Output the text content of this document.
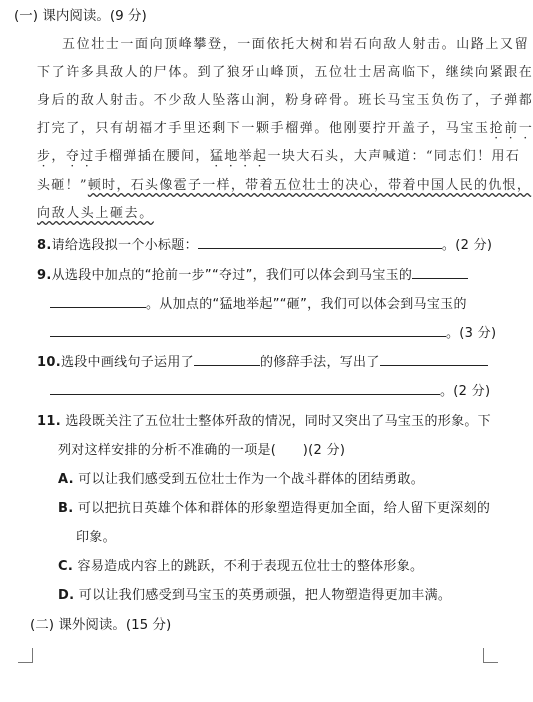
(一) 课内阅读。(9 分)
五位壮士一面向顶峰攀登，一面依托大树和岩石向敌人射击。山路上又留
下了许多具敌人的尸体。到了狼牙山峰顶，五位壮士居高临下，继续向紧跟在
身后的敌人射击。不少敌人坠落山涧，粉身碎骨。班长马宝玉负伤了，子弹都
打完了，只有胡福才手里还剩下一颗手榴弹。他刚要拧开盖子，马宝玉抢前一
步，夺过手榴弹插在腰间，猛地举起一块大石头，大声喊道：“同志们！用石
头砸！”顿时，石头像雹子一样，带着五位壮士的决心，带着中国人民的仇恨，
向敌人头上砸去。
8.请给选段拟一个小标题：	。(2 分)
9.从选段中加点的“抢前一步”“夺过”，我们可以体会到马宝玉的
。从加点的“猛地举起”“砸”，我们可以体会到马宝玉的
。(3 分)
10.选段中画线句子运用了	的修辞手法，写出了
。(2 分)
11. 选段既关注了五位壮士整体歼敌的情况，同时又突出了马宝玉的形象。下
列对这样安排的分析不准确的一项是(　　)(2 分)
A. 可以让我们感受到五位壮士作为一个战斗群体的团结勇敢。
B. 可以把抗日英雄个体和群体的形象塑造得更加全面，给人留下更深刻的
印象。
C. 容易造成内容上的跳跃，不利于表现五位壮士的整体形象。
D. 可以让我们感受到马宝玉的英勇顽强，把人物塑造得更加丰满。
(二) 课外阅读。(15 分)
